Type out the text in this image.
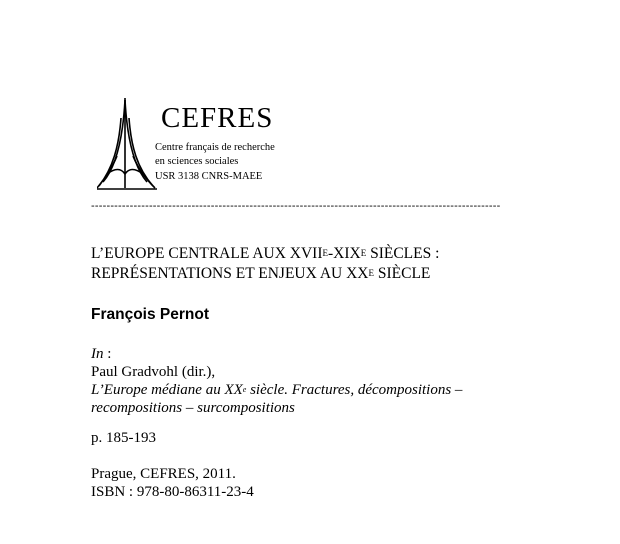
CEFRES
Centre français de recherche
en sciences sociales
USR 3138 CNRS-MAEE
----------------------------------------------------------------------------------------------------------
L’EUROPE CENTRALE AUX $XVII^E-XIX^E$ SIÈCLES :
REPRÉSENTATIONS ET ENJEUX AU $XX^E$ SIÈCLE
François Pernot
In :
Paul Gradvohl (dir.),
L’Europe médiane au XXe siècle. Fractures, décompositions –
recompositions – surcompositions
p. 185-193
Prague, CEFRES, 2011.
ISBN : 978-80-86311-23-4
